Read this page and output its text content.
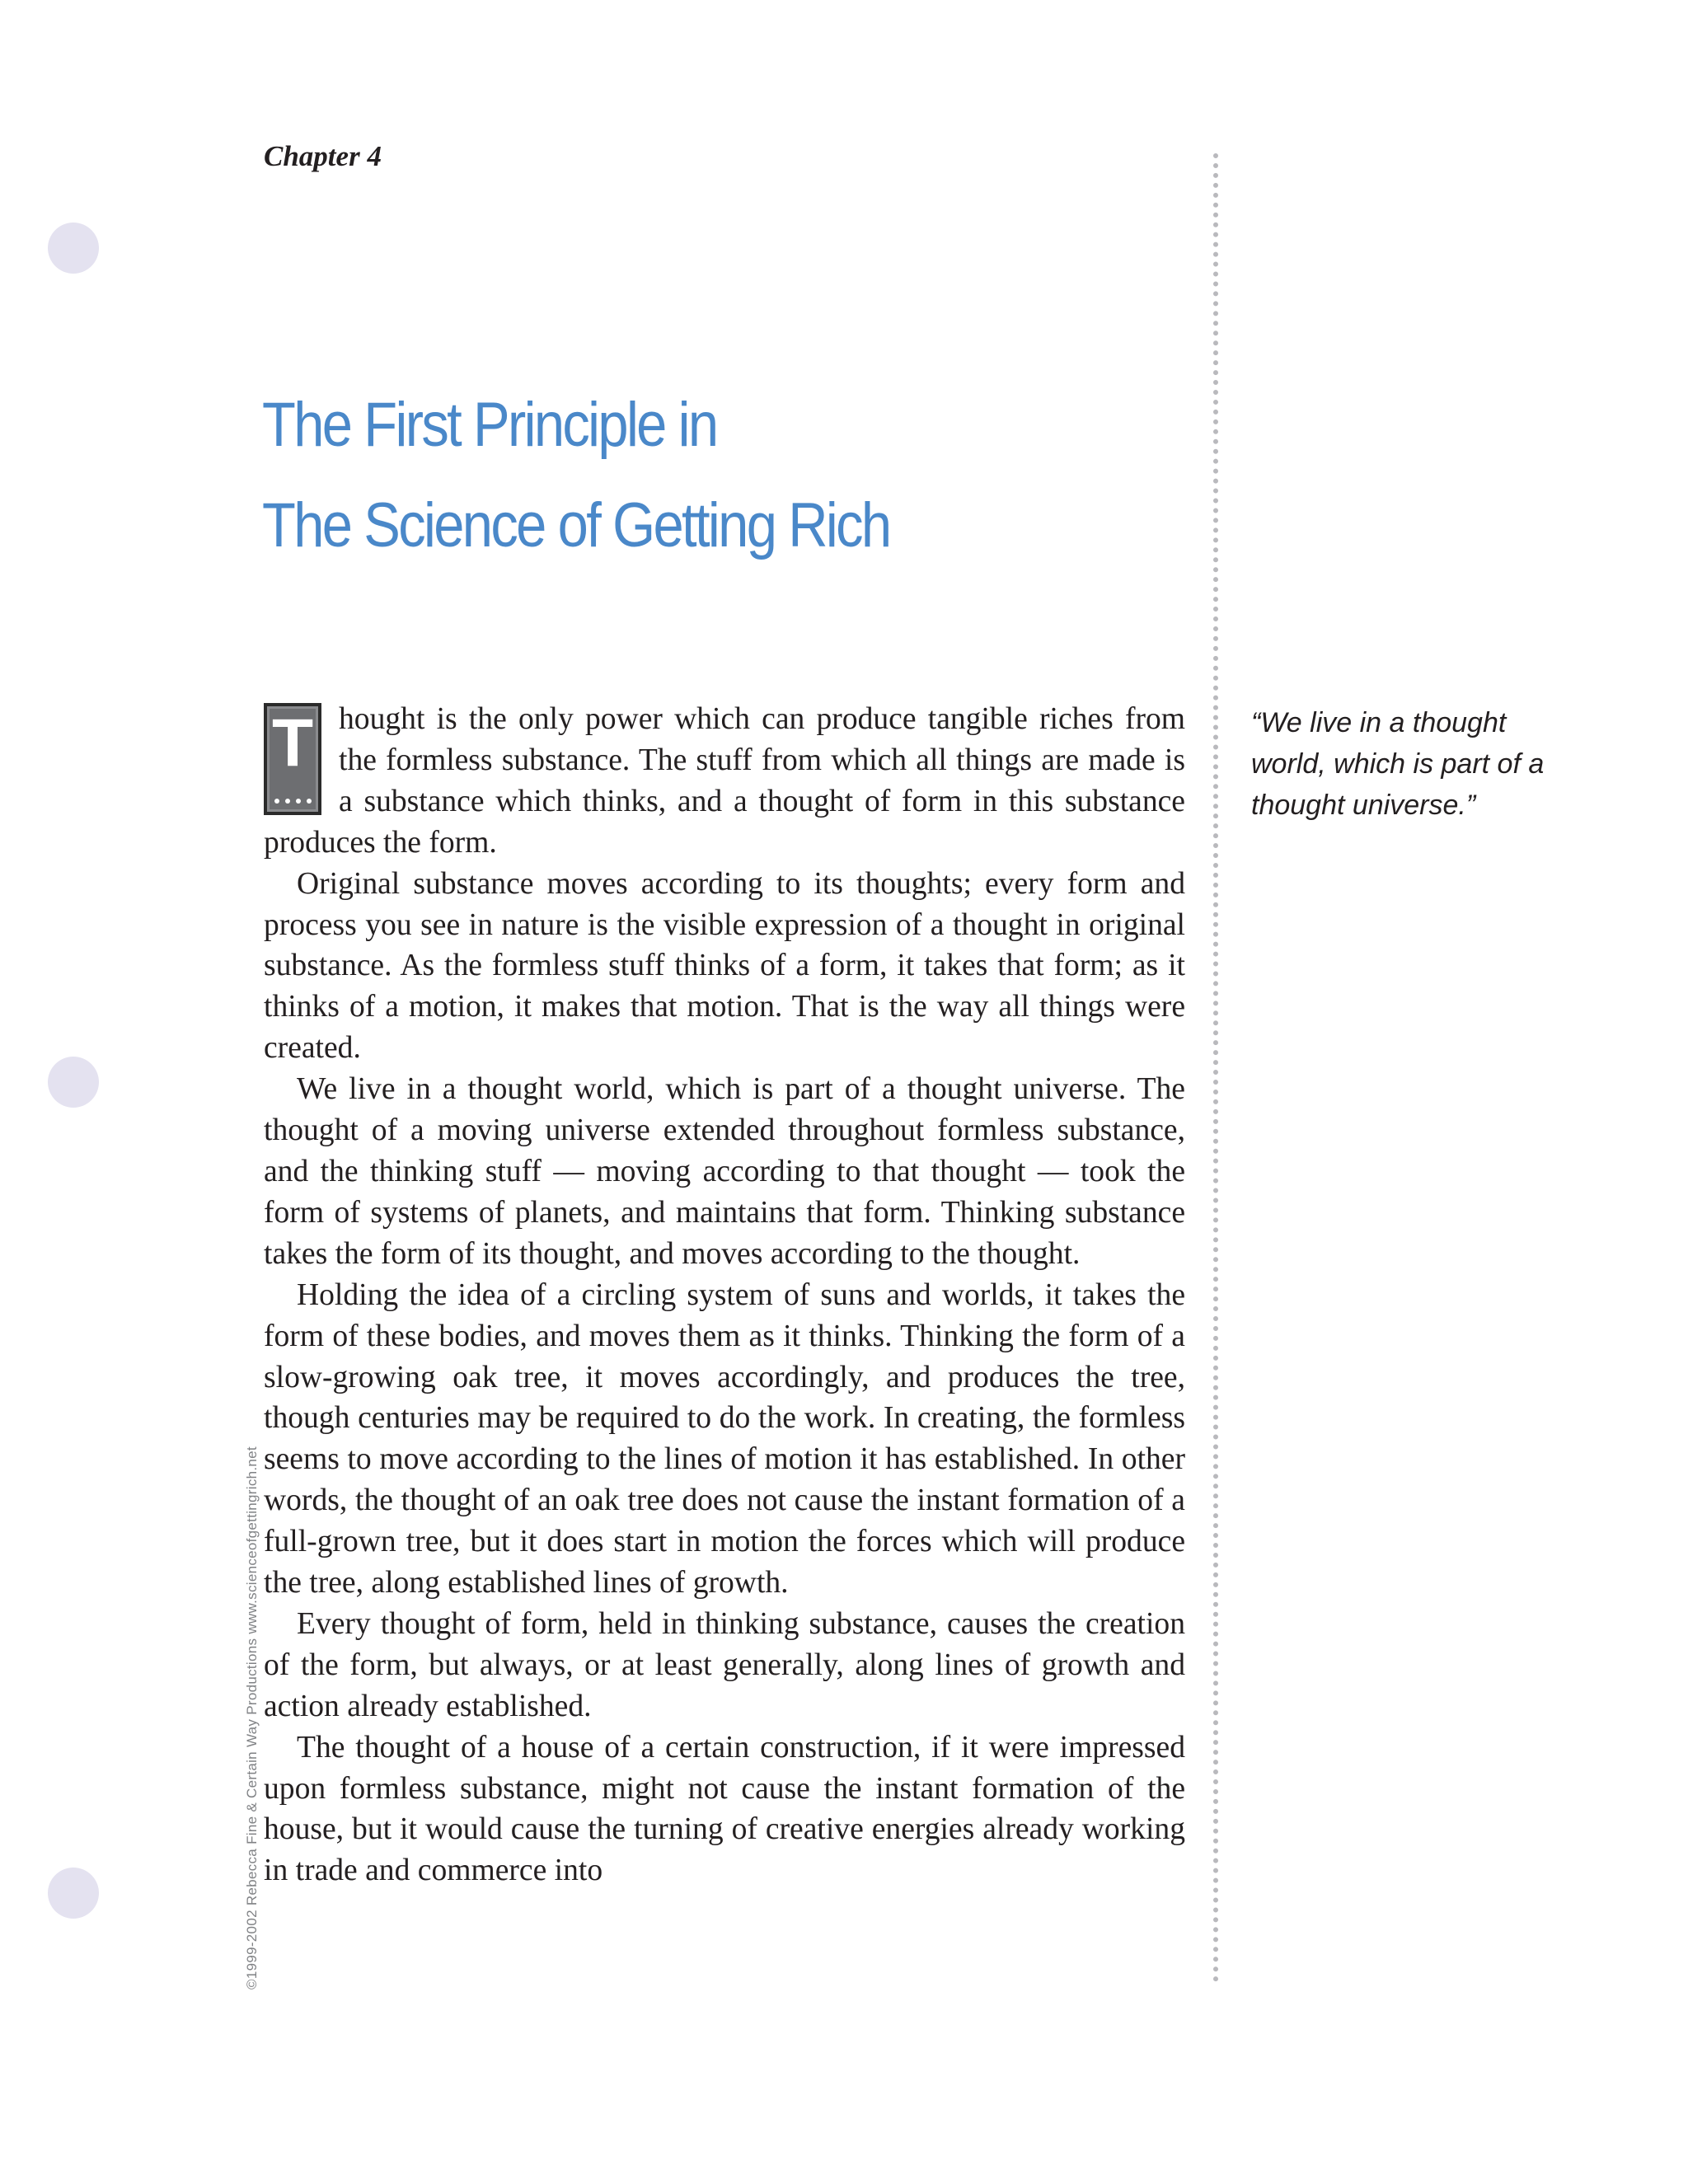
Chapter 4

The First Principle in
The Science of Getting Rich

T hought is the only power which can produce tangible riches from the formless substance. The stuff from which all things are made is a substance which thinks, and a thought of form in this substance produces the form.

Original substance moves according to its thoughts; every form and process you see in nature is the visible expression of a thought in original substance. As the formless stuff thinks of a form, it takes that form; as it thinks of a motion, it makes that motion. That is the way all things were created.

We live in a thought world, which is part of a thought universe. The thought of a moving universe extended throughout formless substance, and the thinking stuff — moving according to that thought — took the form of systems of planets, and maintains that form. Thinking substance takes the form of its thought, and moves according to the thought.

Holding the idea of a circling system of suns and worlds, it takes the form of these bodies, and moves them as it thinks. Thinking the form of a slow-growing oak tree, it moves accordingly, and produces the tree, though centuries may be required to do the work. In creating, the formless seems to move according to the lines of motion it has established. In other words, the thought of an oak tree does not cause the instant formation of a full-grown tree, but it does start in motion the forces which will produce the tree, along established lines of growth.

Every thought of form, held in thinking substance, causes the creation of the form, but always, or at least generally, along lines of growth and action already established.

The thought of a house of a certain construction, if it were impressed upon formless substance, might not cause the instant formation of the house, but it would cause the turning of creative energies already working in trade and commerce into

“We live in a thought world, which is part of a thought universe.”

©1999-2002 Rebecca Fine & Certain Way Productions www.scienceofgettingrich.net
